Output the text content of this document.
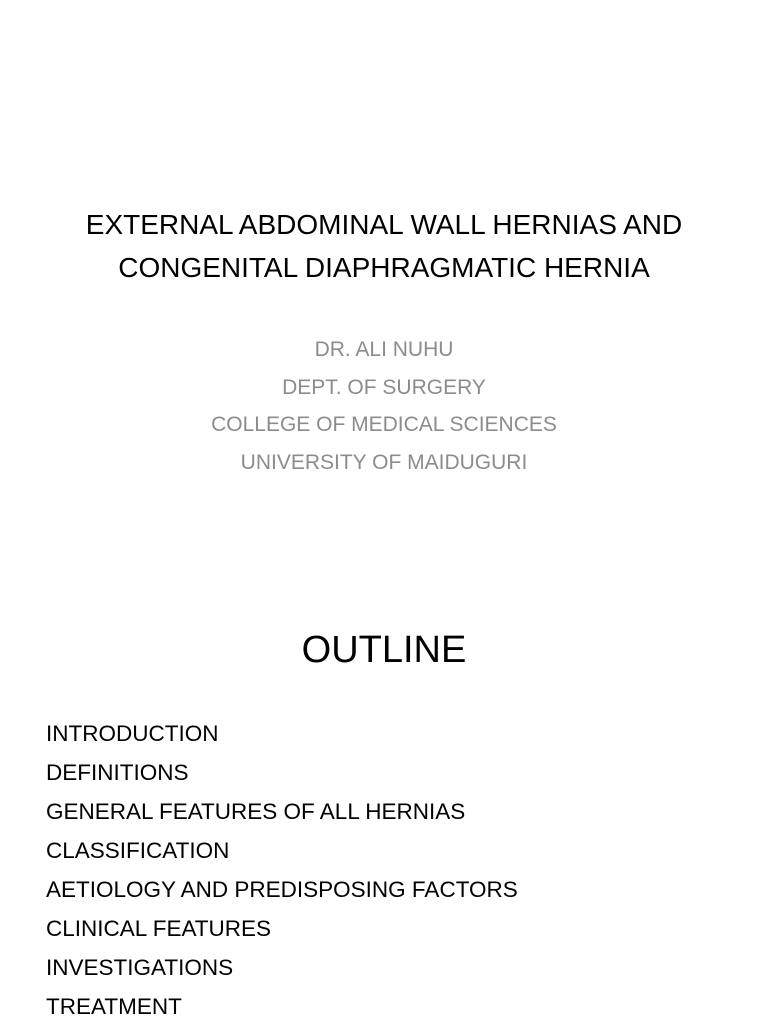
EXTERNAL ABDOMINAL WALL HERNIAS AND
CONGENITAL DIAPHRAGMATIC HERNIA
DR. ALI NUHU
DEPT. OF SURGERY
COLLEGE OF MEDICAL SCIENCES
UNIVERSITY OF MAIDUGURI
OUTLINE
INTRODUCTION
DEFINITIONS
GENERAL FEATURES OF ALL HERNIAS
CLASSIFICATION
AETIOLOGY AND PREDISPOSING FACTORS
CLINICAL FEATURES
INVESTIGATIONS
TREATMENT
